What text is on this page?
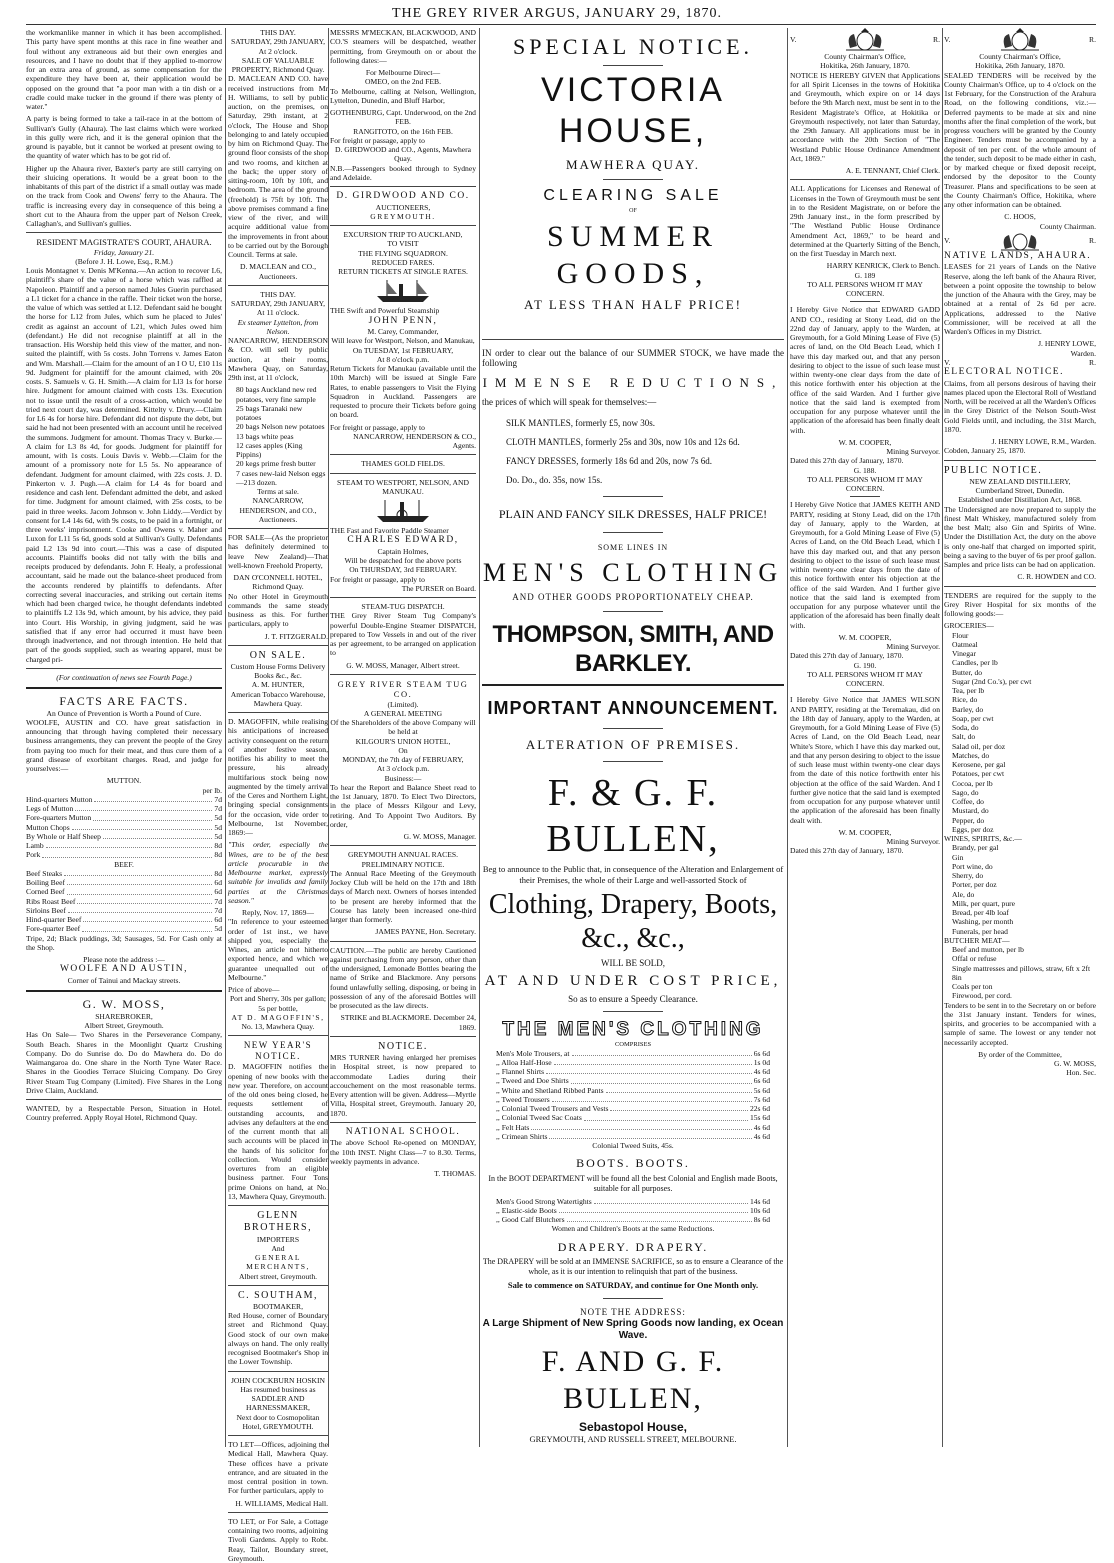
THE GREY RIVER ARGUS, JANUARY 29, 1870.

the workmanlike manner in which it has been accomplished. This party have spent months at this race in fine weather and foul without any extraneous aid but their own energies and resources, and I have no doubt that if they applied to-morrow for an extra area of ground, as some compensation for the expenditure they have been at, their application would be opposed on the ground that "a poor man with a tin dish or a cradle could make tucker in the ground if there was plenty of water."

A party is being formed to take a tail-race in at the bottom of Sullivan's Gully (Ahaura). The last claims which were worked in this gully were rich, and it is the general opinion that the ground is payable, but it cannot be worked at present owing to the quantity of water which has to be got rid of.

Higher up the Ahaura river, Baxter's party are still carrying on their sluicing operations. It would be a great boon to the inhabitants of this part of the district if a small outlay was made on the track from Cook and Owens' ferry to the Ahaura. The traffic is increasing every day in consequence of this being a short cut to the Ahaura from the upper part of Nelson Creek, Callaghan's, and Sullivan's gullies.

RESIDENT MAGISTRATE'S COURT, AHAURA.
Friday, January 21.
(Before J. H. Lowe, Esq., R.M.)

Louis Montagnet v. Denis M'Kenna.—An action to recover L6, plaintiff's share of the value of a horse which was raffled at Napoleon. Plaintiff and a person named Jules Guerin purchased a L1 ticket for a chance in the raffle. Their ticket won the horse, the value of which was settled at L12. Defendant said he bought the horse for L12 from Jules, which sum he placed to Jules' credit as against an account of L21, which Jules owed him (defendant.) He did not recognise plaintiff at all in the transaction. His Worship held this view of the matter, and non-suited the plaintiff, with 5s costs. John Torrens v. James Eaton and Wm. Marshall.—Claim for the amount of an I O U, £10 11s 9d. Judgment for plaintiff for the amount claimed, with 20s costs. S. Samuels v. G. H. Smith.—A claim for Ll3 1s for horse hire. Judgment for amount claimed with costs 13s. Execution not to issue until the result of a cross-action, which would be tried next court day, was determined. Kittelty v. Drury.—Claim for L6 4s for horse hire. Defendant did not dispute the debt, but said he had not been presented with an account until he received the summons. Judgment for amount. Thomas Tracy v. Burke.—A claim for L3 8s 4d, for goods. Judgment for plaintiff for amount, with 1s costs. Louis Davis v. Webb.—Claim for the amount of a promissory note for L5 5s. No appearance of defendant. Judgment for amount claimed, with 22s costs. J. D. Pinkerton v. J. Pugh.—A claim for L4 4s for board and residence and cash lent. Defendant admitted the debt, and asked for time. Judgment for amount claimed, with 25s costs, to be paid in three weeks. Jacom Johnson v. John Liddy.—Verdict by consent for L4 14s 6d, with 9s costs, to be paid in a fortnight, or three weeks' imprisonment. Cooke and Owens v. Maher and Luxon for L11 5s 6d, goods sold at Sullivan's Gully. Defendants paid L2 13s 9d into court.—This was a case of disputed accounts. Plaintiffs books did not tally with the bills and receipts produced by defendants. John F. Healy, a professional accountant, said he made out the balance-sheet produced from the accounts rendered by plaintiffs to defendants. After correcting several inaccuracies, and striking out certain items which had been charged twice, he thought defendants indebted to plaintiffs L2 13s 9d, which amount, by his advice, they paid into Court. His Worship, in giving judgment, said he was satisfied that if any error had occurred it must have been through inadvertence, and not through intention. He held that part of the goods supplied, such as wearing apparel, must be charged pri-

(For continuation of news see Fourth Page.)
FACTS ARE FACTS.
An Ounce of Prevention is Worth a Pound of Cure.

WOOLFE, AUSTIN and CO. have great satisfaction in announcing that through having completed their necessary business arrangements, they can prevent the people of the Grey from paying too much for their meat, and thus cure them of a grand disease of exorbitant charges. Read, and judge for yourselves:—

MUTTON.
per lb.
Hind-quarters Mutton	7d
Legs of Mutton	7d
Fore-quarters Mutton	5d
Mutton Chops	5d
By Whole or Half Sheep	5d
Lamb	8d
Pork	8d
BEEF.
Beef Steaks	8d
Boiling Beef	6d
Corned Beef	6d
Ribs Roast Beef	7d
Sirloins Beef	7d
Hind-quarter Beef	6d
Fore-quarter Beef	5d

Tripe, 2d; Black puddings, 3d; Sausages, 5d. For Cash only at the Shop.

Please note the address :—
WOOLFE AND AUSTIN,
Corner of Tainui and Mackay streets.
G. W. MOSS,
SHAREBROKER,
Albert Street, Greymouth.

Has On Sale— Two Shares in the Perseverance Company, South Beach. Shares in the Moonlight Quartz Crushing Company. Do do Sunrise do. Do do Mawhera do. Do do Waimangaroa do. One share in the North Tyne Water Race. Shares in the Goodies Terrace Sluicing Company. Do Grey River Steam Tug Company (Limited). Five Shares in the Long Drive Claim, Auckland.

WANTED, by a Respectable Person, Situation in Hotel. Country preferred. Apply Royal Hotel, Richmond Quay.

THIS DAY.
SATURDAY, 29th JANUARY,
At 2 o'clock.
SALE OF VALUABLE PROPERTY, Richmond Quay.

D. MACLEAN AND CO. have received instructions from Mr H. Williams, to sell by public auction, on the premises, on Saturday, 29th instant, at 2 o'clock, The House and Shop belonging to and lately occupied by him on Richmond Quay. The ground floor consists of the shop and two rooms, and kitchen at the back; the upper story of sitting-room, 10ft by 10ft, and bedroom. The area of the ground (freehold) is 75ft by 10ft. The above premises command a fine view of the river, and will acquire additional value from the improvements in front about to be carried out by the Borough Council. Terms at sale.

D. MACLEAN and CO., Auctioneers.
THIS DAY.
SATURDAY, 29th JANUARY,
At 11 o'clock.
Ex steamer Lyttelton, from Nelson.

NANCARROW, HENDERSON & CO. will sell by public auction, at their rooms, Mawhera Quay, on Saturday, 29th inst, at 11 o'clock,

80 bags Auckland new red potatoes, very fine sample
25 bags Taranaki new potatoes
20 bags Nelson new potatoes
13 bags white peas
12 cases apples (King Pippins)
20 kegs prime fresh butter
7 cases new-laid Nelson eggs—213 dozen.
Terms at sale.
NANCARROW, HENDERSON, and CO., Auctioneers.

FOR SALE—(As the proprietor has definitely determined to leave New Zealand)—That well-known Freehold Property,

DAN O'CONNELL HOTEL,
Richmond Quay.

No other Hotel in Greymouth commands the same steady business as this. For further particulars, apply to

J. T. FITZGERALD.
ON SALE.
Custom House Forms Delivery Books &c., &c.
A. M. HUNTER,
American Tobacco Warehouse, Mawhera Quay.

D. MAGOFFIN, while realising his anticipations of increased activity consequent on the return of another festive season, notifies his ability to meet the pressure, his already multifarious stock being now augmented by the timely arrival of the Ceres and Northern Light, bringing special consignments for the occasion, vide order to Melbourne, 1st November, 1869:—

"This order, especially the Wines, are to be of the best article procurable in the Melbourne market, expressly suitable for invalids and family parties at the Christmas season."

Reply, Nov. 17, 1869—

"In reference to your esteemed order of 1st inst., we have shipped you, especially the Wines, an article not hitherto exported hence, and which we guarantee unequalled out of Melbourne."

Price of above—
Port and Sherry, 30s per gallon; 5s per bottle,
AT D. MAGOFFIN'S,
No. 13, Mawhera Quay.
NEW YEAR'S NOTICE.

D. MAGOFFIN notifies the opening of new books with the new year. Therefore, on account of the old ones being closed, he requests settlement of outstanding accounts, and advises any defaulters at the end of the current month that all such accounts will be placed in the hands of his solicitor for collection. Would consider overtures from an eligible business partner. Four Tons prime Onions on hand, at No. 13, Mawhera Quay, Greymouth.

GLENN BROTHERS,
IMPORTERS
And
GENERAL MERCHANTS,
Albert street, Greymouth.
C. SOUTHAM,
BOOTMAKER,

Red House, corner of Boundary street and Richmond Quay. Good stock of our own make always on hand. The only really recognised Bootmaker's Shop in the Lower Township.

JOHN COCKBURN HOSKIN
Has resumed business as
SADDLER AND HARNESSMAKER,
Next door to Cosmopolitan Hotel, GREYMOUTH.

TO LET—Offices, adjoining the Medical Hall, Mawhera Quay. These offices have a private entrance, and are situated in the most central position in town. For further particulars, apply to

H. WILLIAMS, Medical Hall.

TO LET, or For Sale, a Cottage containing two rooms, adjoining Tivoli Gardens. Apply to Robt. Reay, Tailor, Boundary street, Greymouth.

MESSRS M'MECKAN, BLACKWOOD, AND CO.'S steamers will be despatched, weather permitting, from Greymouth on or about the following dates:—

For Melbourne Direct—
OMEO, on the 2nd FEB.

To Melbourne, calling at Nelson, Wellington, Lyttelton, Dunedin, and Bluff Harbor,

GOTHENBURG, Capt. Underwood, on the 2nd FEB.
RANGITOTO, on the 16th FEB.
For freight or passage, apply to
D. GIRDWOOD and CO., Agents, Mawhera Quay.

N.B.—Passengers booked through to Sydney and Adelaide.

D. GIRDWOOD AND CO.
AUCTIONEERS,
GREYMOUTH.
EXCURSION TRIP TO AUCKLAND,
TO VISIT
THE FLYING SQUADRON.
REDUCED FARES.
RETURN TICKETS AT SINGLE RATES.
THE Swift and Powerful Steamship
JOHN PENN,
M. Carey, Commander,
Will leave for Westport, Nelson, and Manukau,
On TUESDAY, 1st FEBRUARY,
At 8 o'clock p.m.

Return Tickets for Manukau (available until the 10th March) will be issued at Single Fare Rates, to enable passengers to Visit the Flying Squadron in Auckland. Passengers are requested to procure their Tickets before going on board.

For freight or passage, apply to
NANCARROW, HENDERSON & CO., Agents.
THAMES GOLD FIELDS.
STEAM TO WESTPORT, NELSON, AND MANUKAU.
THE Fast and Favorite Paddle Steamer
CHARLES EDWARD,
Captain Holmes,
Will be despatched for the above ports
On THURSDAY, 3rd FEBRUARY.
For freight or passage, apply to
The PURSER on Board.
STEAM-TUG DISPATCH.

THE Grey River Steam Tug Company's powerful Double-Engine Steamer DISPATCH, prepared to Tow Vessels in and out of the river as per agreement, to be arranged on application to

G. W. MOSS, Manager, Albert street.
GREY RIVER STEAM TUG CO.
(Limited).
A GENERAL MEETING
Of the Shareholders of the above Company will be held at
KILGOUR'S UNION HOTEL,
On
MONDAY, the 7th day of FEBRUARY,
At 3 o'clock p.m.
Business:—

To hear the Report and Balance Sheet read to the 1st January, 1870. To Elect Two Directors, in the place of Messrs Kilgour and Levy, retiring. And To Appoint Two Auditors. By order,

G. W. MOSS, Manager.
GREYMOUTH ANNUAL RACES.
PRELIMINARY NOTICE.

The Annual Race Meeting of the Greymouth Jockey Club will be held on the 17th and 18th days of March next. Owners of horses intended to be present are hereby informed that the Course has lately been increased one-third larger than formerly.

JAMES PAYNE, Hon. Secretary.

CAUTION.—The public are hereby Cautioned against purchasing from any person, other than the undersigned, Lemonade Bottles bearing the name of Strike and Blackmore. Any persons found unlawfully selling, disposing, or being in possession of any of the aforesaid Bottles will be prosecuted as the law directs.

STRIKE and BLACKMORE. December 24, 1869.
NOTICE.

MRS TURNER having enlarged her premises in Hospital street, is now prepared to accommodate Ladies during their accouchement on the most reasonable terms. Every attention will be given. Address—Myrtle Villa, Hospital street, Greymouth. January 20, 1870.

NATIONAL SCHOOL.

The above School Re-opened on MONDAY, the 10th INST. Night Class—7 to 8.30. Terms, weekly payments in advance.

T. THOMAS.
SPECIAL NOTICE.
VICTORIA HOUSE,
MAWHERA QUAY.
CLEARING SALE
OF
SUMMER GOODS,
AT LESS THAN HALF PRICE!

IN order to clear out the balance of our SUMMER STOCK, we have made the following

IMMENSE REDUCTIONS,

the prices of which will speak for themselves:—

SILK MANTLES, formerly £5, now 30s.
CLOTH MANTLES, formerly 25s and 30s, now 10s and 12s 6d.
FANCY DRESSES, formerly 18s 6d and 20s, now 7s 6d.
Do. Do., do. 35s, now 15s.
PLAIN AND FANCY SILK DRESSES, HALF PRICE!
SOME LINES IN
MEN'S CLOTHING
AND OTHER GOODS PROPORTIONATELY CHEAP.
THOMPSON, SMITH, AND BARKLEY.
IMPORTANT ANNOUNCEMENT.
ALTERATION OF PREMISES.
F. & G. F. BULLEN,

Beg to announce to the Public that, in consequence of the Alteration and Enlargement of their Premises, the whole of their Large and well-assorted Stock of

Clothing, Drapery, Boots, &c., &c.,
WILL BE SOLD,
AT AND UNDER COST PRICE,
So as to ensure a Speedy Clearance.
THE MEN'S CLOTHING
COMPRISES
Men's Mole Trousers, at	6s 6d
,, Alloa Half-Hose	1s 0d
,, Flannel Shirts	4s 6d
,, Tweed and Doe Shirts	6s 6d
,, White and Shetland Ribbed Pants	5s 6d
,, Tweed Trousers	7s 6d
,, Colonial Tweed Trousers and Vests	22s 6d
,, Colonial Tweed Sac Coats	15s 6d
,, Felt Hats	4s 6d
,, Crimean Shirts	4s 6d
Colonial Tweed Suits, 45s.
BOOTS. BOOTS.

In the BOOT DEPARTMENT will be found all the best Colonial and English made Boots, suitable for all purposes.

Men's Good Strong Watertights	14s 6d
,, Elastic-side Boots	10s 6d
,, Good Calf Blutchers	8s 6d
Women and Children's Boots at the same Reductions.
DRAPERY. DRAPERY.

The DRAPERY will be sold at an IMMENSE SACRIFICE, so as to ensure a Clearance of the whole, as it is our intention to relinquish that part of the business.

Sale to commence on SATURDAY, and continue for One Month only.
NOTE THE ADDRESS:
A Large Shipment of New Spring Goods now landing, ex Ocean Wave.
F. AND G. F. BULLEN,
Sebastopol House,
GREYMOUTH, AND RUSSELL STREET, MELBOURNE.
V.	R.
County Chairman's Office,
Hokitika, 26th January, 1870.

NOTICE IS HEREBY GIVEN that Applications for all Spirit Licenses in the towns of Hokitika and Greymouth, which expire on or 14 days before the 9th March next, must be sent in to the Resident Magistrate's Office, at Hokitika or Greymouth respectively, not later than Saturday, the 29th January. All applications must be in accordance with the 20th Section of "The Westland Public House Ordinance Amendment Act, 1869."

A. E. TENNANT, Chief Clerk.

ALL Applications for Licenses and Renewal of Licenses in the Town of Greymouth must be sent in to the Resident Magistrate, on or before the 29th January inst., in the form prescribed by "The Westland Public House Ordinance Amendment Act, 1869," to be heard and determined at the Quarterly Sitting of the Bench, on the first Tuesday in March next.

HARRY KENRICK, Clerk to Bench.
G. 189
TO ALL PERSONS WHOM IT MAY CONCERN.

I Hereby Give Notice that EDWARD GADD AND CO., residing at Stony Lead, did on the 22nd day of January, apply to the Warden, at Greymouth, for a Gold Mining Lease of Five (5) acres of land, on the Old Beach Lead, which I have this day marked out, and that any person desiring to object to the issue of such lease must within twenty-one clear days from the date of this notice forthwith enter his objection at the office of the said Warden. And I further give notice that the said land is exempted from occupation for any purpose whatever until the application of the aforesaid has been finally dealt with.

W. M. COOPER,
Mining Surveyor.
Dated this 27th day of January, 1870.
G. 188.
TO ALL PERSONS WHOM IT MAY CONCERN.

I Hereby Give Notice that JAMES KEITH AND PARTY, residing at Stony Lead, did on the 17th day of January, apply to the Warden, at Greymouth, for a Gold Mining Lease of Five (5) Acres of Land, on the Old Beach Lead, which I have this day marked out, and that any person desiring to object to the issue of such lease must within twenty-one clear days from the date of this notice forthwith enter his objection at the office of the said Warden. And I further give notice that the said land is exempted from occupation for any purpose whatever until the application of the aforesaid has been finally dealt with.

W. M. COOPER,
Mining Surveyor.
Dated this 27th day of January, 1870.
G. 190.
TO ALL PERSONS WHOM IT MAY CONCERN.

I Hereby Give Notice that JAMES WILSON AND PARTY, residing at the Teremakau, did on the 18th day of January, apply to the Warden, at Greymouth, for a Gold Mining Lease of Five (5) Acres of Land, on the Old Beach Lead, near White's Store, which I have this day marked out, and that any person desiring to object to the issue of such lease must within twenty-one clear days from the date of this notice forthwith enter his objection at the office of the said Warden. And I further give notice that the said land is exempted from occupation for any purpose whatever until the application of the aforesaid has been finally dealt with.

W. M. COOPER,
Mining Surveyor.
Dated this 27th day of January, 1870.
V.	R.
County Chairman's Office,
Hokitika, 26th January, 1870.

SEALED TENDERS will be received by the County Chairman's Office, up to 4 o'clock on the 1st February, for the Construction of the Arahura Road, on the following conditions, viz.:—Deferred payments to be made at six and nine months after the final completion of the work, but progress vouchers will be granted by the County Engineer. Tenders must be accompanied by a deposit of ten per cent. of the whole amount of the tender, such deposit to be made either in cash, or by marked cheque or fixed deposit receipt, endorsed by the depositor to the County Treasurer. Plans and specifications to be seen at the County Chairman's Office, Hokitika, where any other information can be obtained.

C. HOOS,
County Chairman.
V.	R.
NATIVE LANDS, AHAURA.

LEASES for 21 years of Lands on the Native Reserve, along the left bank of the Ahaura River, between a point opposite the township to below the junction of the Ahaura with the Grey, may be obtained at a rental of 2s 6d per acre. Applications, addressed to the Native Commissioner, will be received at all the Warden's Offices in my District.

J. HENRY LOWE,
Warden.
V.	R.
ELECTORAL NOTICE.

Claims, from all persons desirous of having their names placed upon the Electoral Roll of Westland North, will be received at all the Warden's Offices in the Grey District of the Nelson South-West Gold Fields until, and including, the 31st March, 1870.

J. HENRY LOWE, R.M., Warden.
Cobden, January 25, 1870.
PUBLIC NOTICE.
NEW ZEALAND DISTILLERY,
Cumberland Street, Dunedin.
Established under Distillation Act, 1868.

The Undersigned are now prepared to supply the finest Malt Whiskey, manufactured solely from the best Malt; also Gin and Spirits of Wine. Under the Distillation Act, the duty on the above is only one-half that charged on imported spirit, being a saving to the buyer of 6s per proof gallon. Samples and price lists can be had on application.

C. R. HOWDEN and CO.

TENDERS are required for the supply to the Grey River Hospital for six months of the following goods:—

GROCERIES—
Flour
Oatmeal
Vinegar
Candles, per lb
Butter, do
Sugar (2nd Co.'s), per cwt
Tea, per lb
Rice, do
Barley, do
Soap, per cwt
Soda, do
Salt, do
Salad oil, per doz
Matches, do
Kerosene, per gal
Potatoes, per cwt
Cocoa, per lb
Sago, do
Coffee, do
Mustard, do
Pepper, do
Eggs, per doz
WINES, SPIRITS, &c.—
Brandy, per gal
Gin
Port wine, do
Sherry, do
Porter, per doz
Ale, do
Milk, per quart, pure
Bread, per 4lb loaf
Washing, per month
Funerals, per head
BUTCHER MEAT—
Beef and mutton, per lb
Offal or refuse
Single mattresses and pillows, straw, 6ft x 2ft 8in
Coals per ton
Firewood, per cord.

Tenders to be sent in to the Secretary on or before the 31st January instant. Tenders for wines, spirits, and groceries to be accompanied with a sample of same. The lowest or any tender not necessarily accepted.

By order of the Committee,
G. W. MOSS,
Hon. Sec.
